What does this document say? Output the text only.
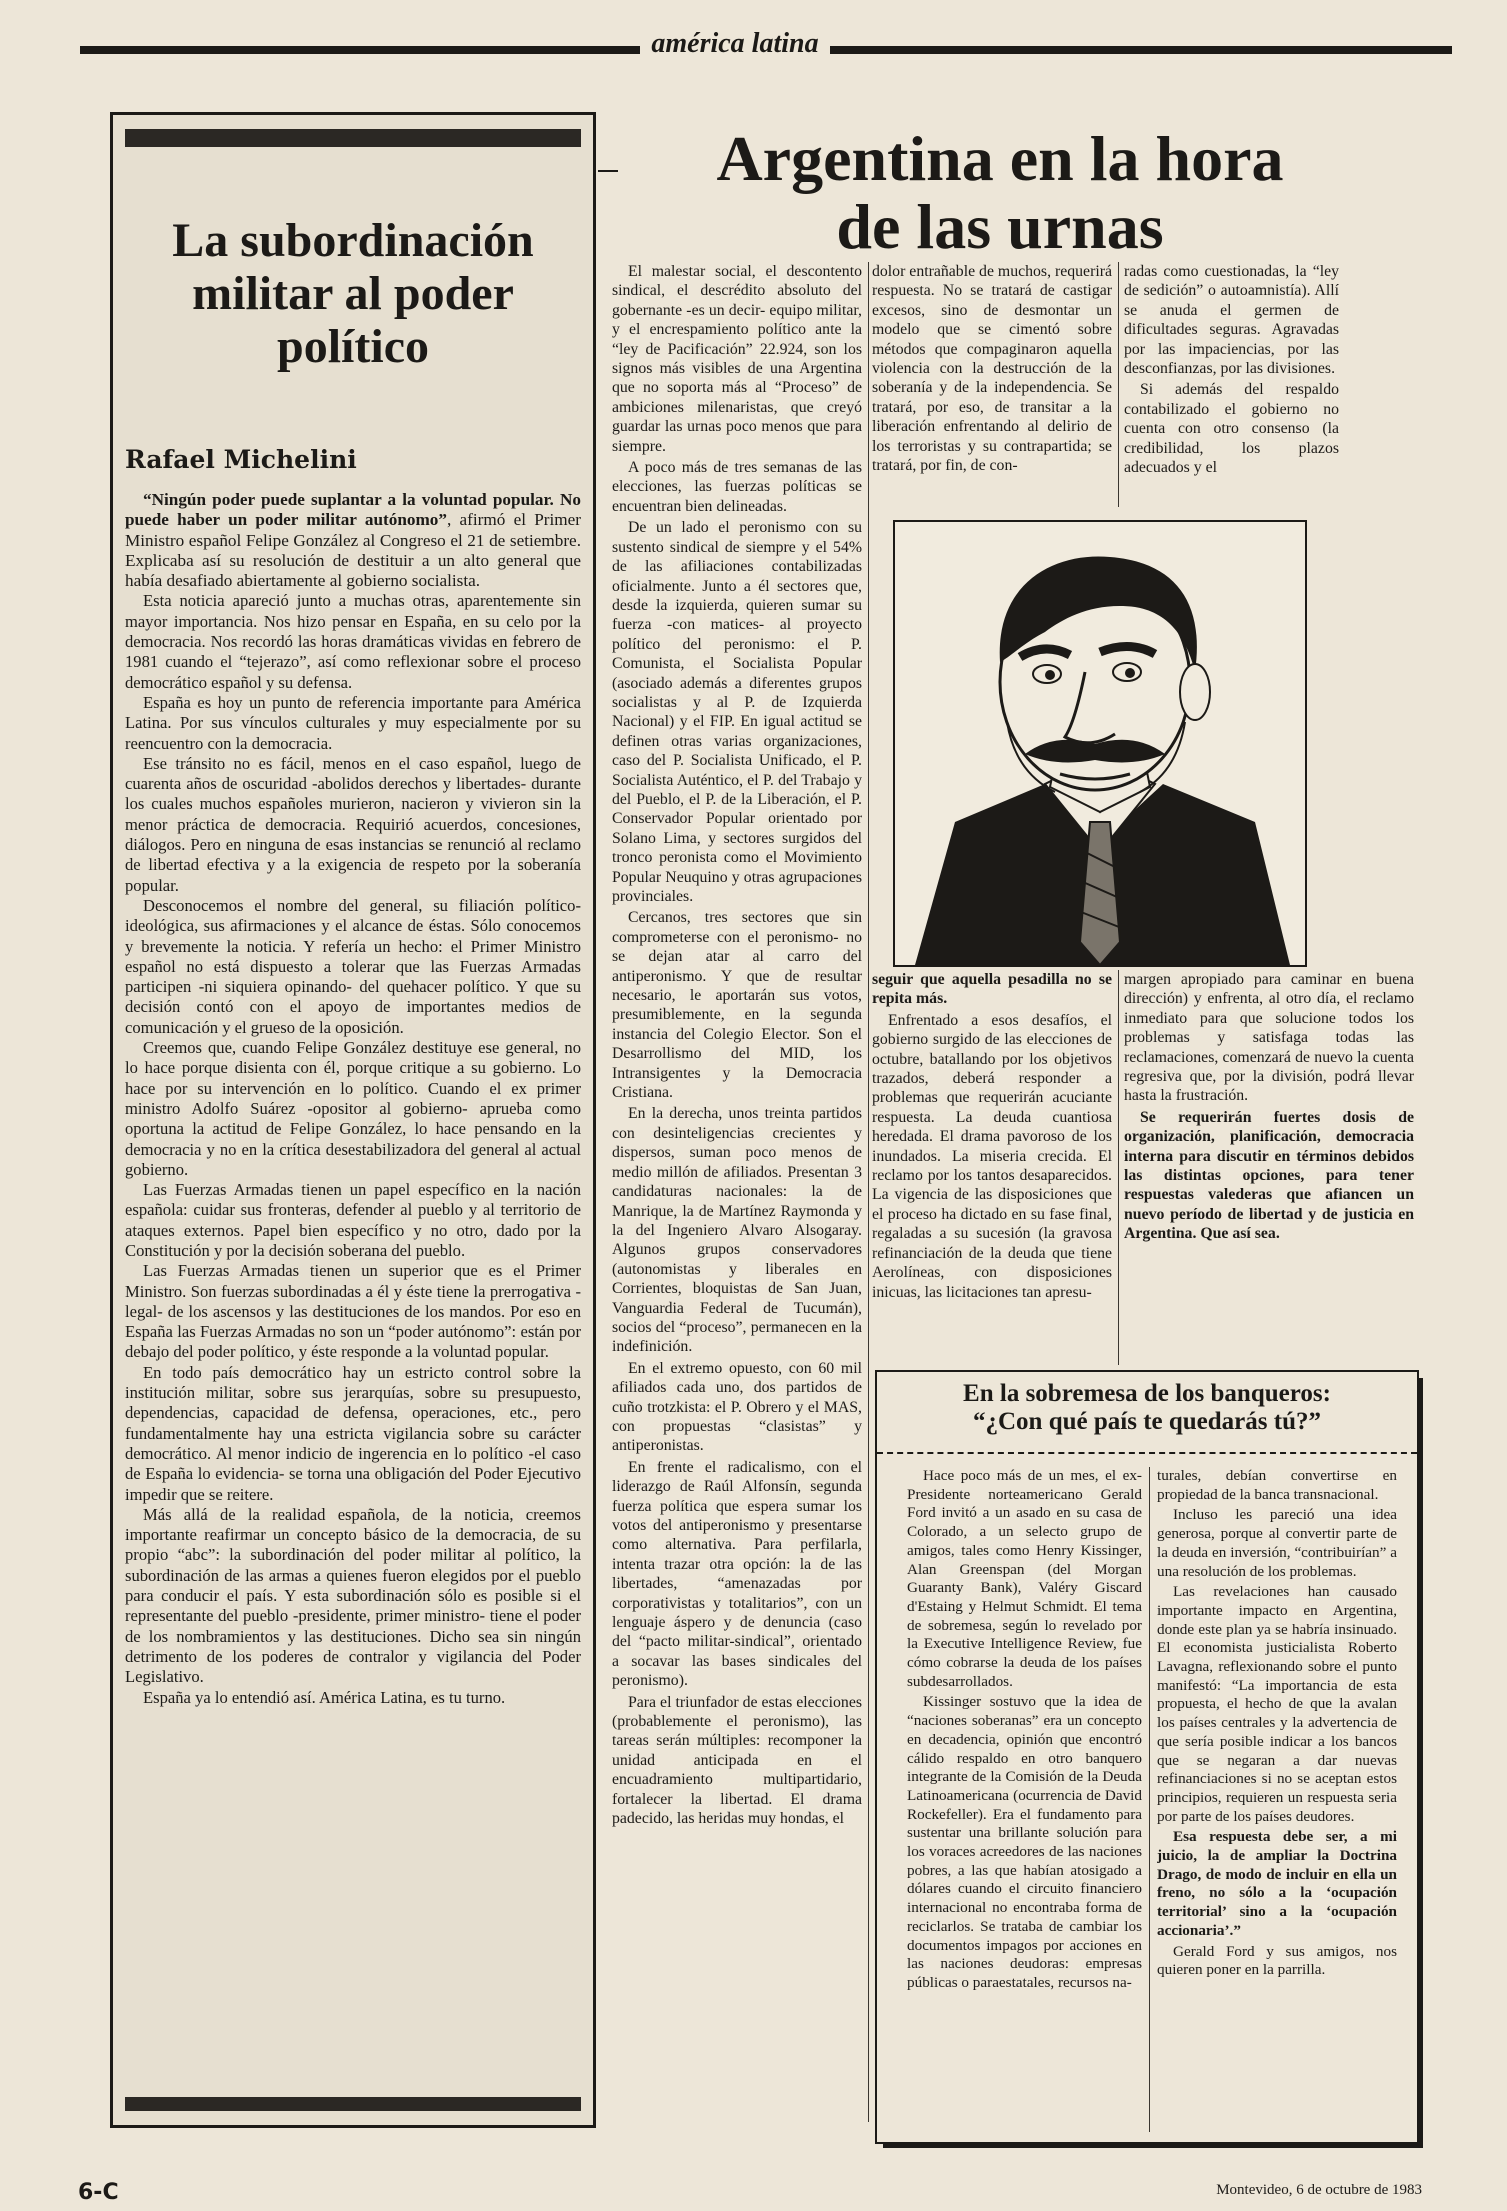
américa latina
La subordinación militar al poder político
Rafael Michelini

“Ningún poder puede suplantar a la voluntad popular. No puede haber un poder militar autónomo”, afirmó el Primer Ministro español Felipe González al Congreso el 21 de setiembre. Explicaba así su resolución de destituir a un alto general que había desafiado abiertamente al gobierno socialista.

Esta noticia apareció junto a muchas otras, aparentemente sin mayor importancia. Nos hizo pensar en España, en su celo por la democracia. Nos recordó las horas dramáticas vividas en febrero de 1981 cuando el “tejerazo”, así como reflexionar sobre el proceso democrático español y su defensa.

España es hoy un punto de referencia importante para América Latina. Por sus vínculos culturales y muy especialmente por su reencuentro con la democracia.

Ese tránsito no es fácil, menos en el caso español, luego de cuarenta años de oscuridad -abolidos derechos y libertades- durante los cuales muchos españoles murieron, nacieron y vivieron sin la menor práctica de democracia. Requirió acuerdos, concesiones, diálogos. Pero en ninguna de esas instancias se renunció al reclamo de libertad efectiva y a la exigencia de respeto por la soberanía popular.

Desconocemos el nombre del general, su filiación político-ideológica, sus afirmaciones y el alcance de éstas. Sólo conocemos y brevemente la noticia. Y refería un hecho: el Primer Ministro español no está dispuesto a tolerar que las Fuerzas Armadas participen -ni siquiera opinando- del quehacer político. Y que su decisión contó con el apoyo de importantes medios de comunicación y el grueso de la oposición.

Creemos que, cuando Felipe González destituye ese general, no lo hace porque disienta con él, porque critique a su gobierno. Lo hace por su intervención en lo político. Cuando el ex primer ministro Adolfo Suárez -opositor al gobierno- aprueba como oportuna la actitud de Felipe González, lo hace pensando en la democracia y no en la crítica desestabilizadora del general al actual gobierno.

Las Fuerzas Armadas tienen un papel específico en la nación española: cuidar sus fronteras, defender al pueblo y al territorio de ataques externos. Papel bien específico y no otro, dado por la Constitución y por la decisión soberana del pueblo.

Las Fuerzas Armadas tienen un superior que es el Primer Ministro. Son fuerzas subordinadas a él y éste tiene la prerrogativa -legal- de los ascensos y las destituciones de los mandos. Por eso en España las Fuerzas Armadas no son un “poder autónomo”: están por debajo del poder político, y éste responde a la voluntad popular.

En todo país democrático hay un estricto control sobre la institución militar, sobre sus jerarquías, sobre su presupuesto, dependencias, capacidad de defensa, operaciones, etc., pero fundamentalmente hay una estricta vigilancia sobre su carácter democrático. Al menor indicio de ingerencia en lo político -el caso de España lo evidencia- se torna una obligación del Poder Ejecutivo impedir que se reitere.

Más allá de la realidad española, de la noticia, creemos importante reafirmar un concepto básico de la democracia, de su propio “abc”: la subordinación del poder militar al político, la subordinación de las armas a quienes fueron elegidos por el pueblo para conducir el país. Y esta subordinación sólo es posible si el representante del pueblo -presidente, primer ministro- tiene el poder de los nombramientos y las destituciones. Dicho sea sin ningún detrimento de los poderes de contralor y vigilancia del Poder Legislativo.

España ya lo entendió así. América Latina, es tu turno.

Argentina en la hora
de las urnas

El malestar social, el descontento sindical, el descrédito absoluto del gobernante -es un decir- equipo militar, y el encrespamiento político ante la “ley de Pacificación” 22.924, son los signos más visibles de una Argentina que no soporta más al “Proceso” de ambiciones milenaristas, que creyó guardar las urnas poco menos que para siempre.

A poco más de tres semanas de las elecciones, las fuerzas políticas se encuentran bien delineadas.

De un lado el peronismo con su sustento sindical de siempre y el 54% de las afiliaciones contabilizadas oficialmente. Junto a él sectores que, desde la izquierda, quieren sumar su fuerza -con matices- al proyecto político del peronismo: el P. Comunista, el Socialista Popular (asociado además a diferentes grupos socialistas y al P. de Izquierda Nacional) y el FIP. En igual actitud se definen otras varias organizaciones, caso del P. Socialista Unificado, el P. Socialista Auténtico, el P. del Trabajo y del Pueblo, el P. de la Liberación, el P. Conservador Popular orientado por Solano Lima, y sectores surgidos del tronco peronista como el Movimiento Popular Neuquino y otras agrupaciones provinciales.

Cercanos, tres sectores que sin comprometerse con el peronismo- no se dejan atar al carro del antiperonismo. Y que de resultar necesario, le aportarán sus votos, presumiblemente, en la segunda instancia del Colegio Elector. Son el Desarrollismo del MID, los Intransigentes y la Democracia Cristiana.

En la derecha, unos treinta partidos con desinteligencias crecientes y dispersos, suman poco menos de medio millón de afiliados. Presentan 3 candidaturas nacionales: la de Manrique, la de Martínez Raymonda y la del Ingeniero Alvaro Alsogaray. Algunos grupos conservadores (autonomistas y liberales en Corrientes, bloquistas de San Juan, Vanguardia Federal de Tucumán), socios del “proceso”, permanecen en la indefinición.

En el extremo opuesto, con 60 mil afiliados cada uno, dos partidos de cuño trotzkista: el P. Obrero y el MAS, con propuestas “clasistas” y antiperonistas.

En frente el radicalismo, con el liderazgo de Raúl Alfonsín, segunda fuerza política que espera sumar los votos del antiperonismo y presentarse como alternativa. Para perfilarla, intenta trazar otra opción: la de las libertades, “amenazadas por corporativistas y totalitarios”, con un lenguaje áspero y de denuncia (caso del “pacto militar-sindical”, orientado a socavar las bases sindicales del peronismo).

Para el triunfador de estas elecciones (probablemente el peronismo), las tareas serán múltiples: recomponer la unidad anticipada en el encuadramiento multipartidario, fortalecer la libertad. El drama padecido, las heridas muy hondas, el

dolor entrañable de muchos, requerirá respuesta. No se tratará de castigar excesos, sino de desmontar un modelo que se cimentó sobre métodos que compaginaron aquella violencia con la destrucción de la soberanía y de la independencia. Se tratará, por eso, de transitar a la liberación enfrentando al delirio de los terroristas y su contrapartida; se tratará, por fin, de con-

radas como cuestionadas, la “ley de sedición” o autoamnistía). Allí se anuda el germen de dificultades seguras. Agravadas por las impaciencias, por las desconfianzas, por las divisiones.

Si además del respaldo contabilizado el gobierno no cuenta con otro consenso (la credibilidad, los plazos adecuados y el

seguir que aquella pesadilla no se repita más.

Enfrentado a esos desafíos, el gobierno surgido de las elecciones de octubre, batallando por los objetivos trazados, deberá responder a problemas que requerirán acuciante respuesta. La deuda cuantiosa heredada. El drama pavoroso de los inundados. La miseria crecida. El reclamo por los tantos desaparecidos. La vigencia de las disposiciones que el proceso ha dictado en su fase final, regaladas a su sucesión (la gravosa refinanciación de la deuda que tiene Aerolíneas, con disposiciones inicuas, las licitaciones tan apresu-

margen apropiado para caminar en buena dirección) y enfrenta, al otro día, el reclamo inmediato para que solucione todos los problemas y satisfaga todas las reclamaciones, comenzará de nuevo la cuenta regresiva que, por la división, podrá llevar hasta la frustración.

Se requerirán fuertes dosis de organización, planificación, democracia interna para discutir en términos debidos las distintas opciones, para tener respuestas valederas que afiancen un nuevo período de libertad y de justicia en Argentina. Que así sea.

En la sobremesa de los banqueros:
“¿Con qué país te quedarás tú?”

Hace poco más de un mes, el ex-Presidente norteamericano Gerald Ford invitó a un asado en su casa de Colorado, a un selecto grupo de amigos, tales como Henry Kissinger, Alan Greenspan (del Morgan Guaranty Bank), Valéry Giscard d'Estaing y Helmut Schmidt. El tema de sobremesa, según lo revelado por la Executive Intelligence Review, fue cómo cobrarse la deuda de los países subdesarrollados.

Kissinger sostuvo que la idea de “naciones soberanas” era un concepto en decadencia, opinión que encontró cálido respaldo en otro banquero integrante de la Comisión de la Deuda Latinoamericana (ocurrencia de David Rockefeller). Era el fundamento para sustentar una brillante solución para los voraces acreedores de las naciones pobres, a las que habían atosigado a dólares cuando el circuito financiero internacional no encontraba forma de reciclarlos. Se trataba de cambiar los documentos impagos por acciones en las naciones deudoras: empresas públicas o paraestatales, recursos na-

turales, debían convertirse en propiedad de la banca transnacional.

Incluso les pareció una idea generosa, porque al convertir parte de la deuda en inversión, “contribuirían” a una resolución de los problemas.

Las revelaciones han causado importante impacto en Argentina, donde este plan ya se habría insinuado. El economista justicialista Roberto Lavagna, reflexionando sobre el punto manifestó: “La importancia de esta propuesta, el hecho de que la avalan los países centrales y la advertencia de que sería posible indicar a los bancos que se negaran a dar nuevas refinanciaciones si no se aceptan estos principios, requieren un respuesta seria por parte de los países deudores.

Esa respuesta debe ser, a mi juicio, la de ampliar la Doctrina Drago, de modo de incluir en ella un freno, no sólo a la ‘ocupación territorial’ sino a la ‘ocupación accionaria’.”

Gerald Ford y sus amigos, nos quieren poner en la parrilla.

6-C	Montevideo, 6 de octubre de 1983
